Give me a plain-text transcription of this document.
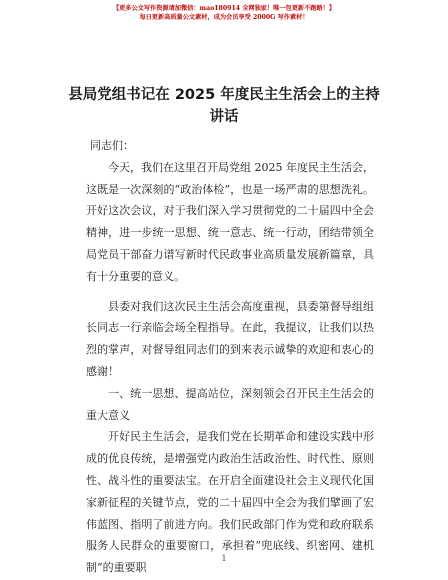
【更多公文写作资源请加微信：mao180914 全网独家！唯一包更新不跑路！】
每日更新高质量公文素材，成为会员享受 2000G 写作素材！
县局党组书记在 2025 年度民主生活会上的主持
讲话

同志们：

今天，我们在这里召开局党组 2025 年度民主生活会，这既是一次深刻的“政治体检”，也是一场严肃的思想洗礼。开好这次会议，对于我们深入学习贯彻党的二十届四中全会精神，进一步统一思想、统一意志、统一行动，团结带领全局党员干部奋力谱写新时代民政事业高质量发展新篇章，具有十分重要的意义。

县委对我们这次民主生活会高度重视，县委第督导组组长同志一行亲临会场全程指导。在此，我提议，让我们以热烈的掌声，对督导组同志们的到来表示诚挚的欢迎和衷心的感谢！

一、统一思想、提高站位，深刻领会召开民主生活会的重大意义

开好民主生活会，是我们党在长期革命和建设实践中形成的优良传统，是增强党内政治生活政治性、时代性、原则性、战斗性的重要法宝。在开启全面建设社会主义现代化国家新征程的关键节点，党的二十届四中全会为我们擘画了宏伟蓝图、指明了前进方向。我们民政部门作为党和政府联系服务人民群众的重要窗口，承担着“兜底线、织密网、建机制”的重要职

1
